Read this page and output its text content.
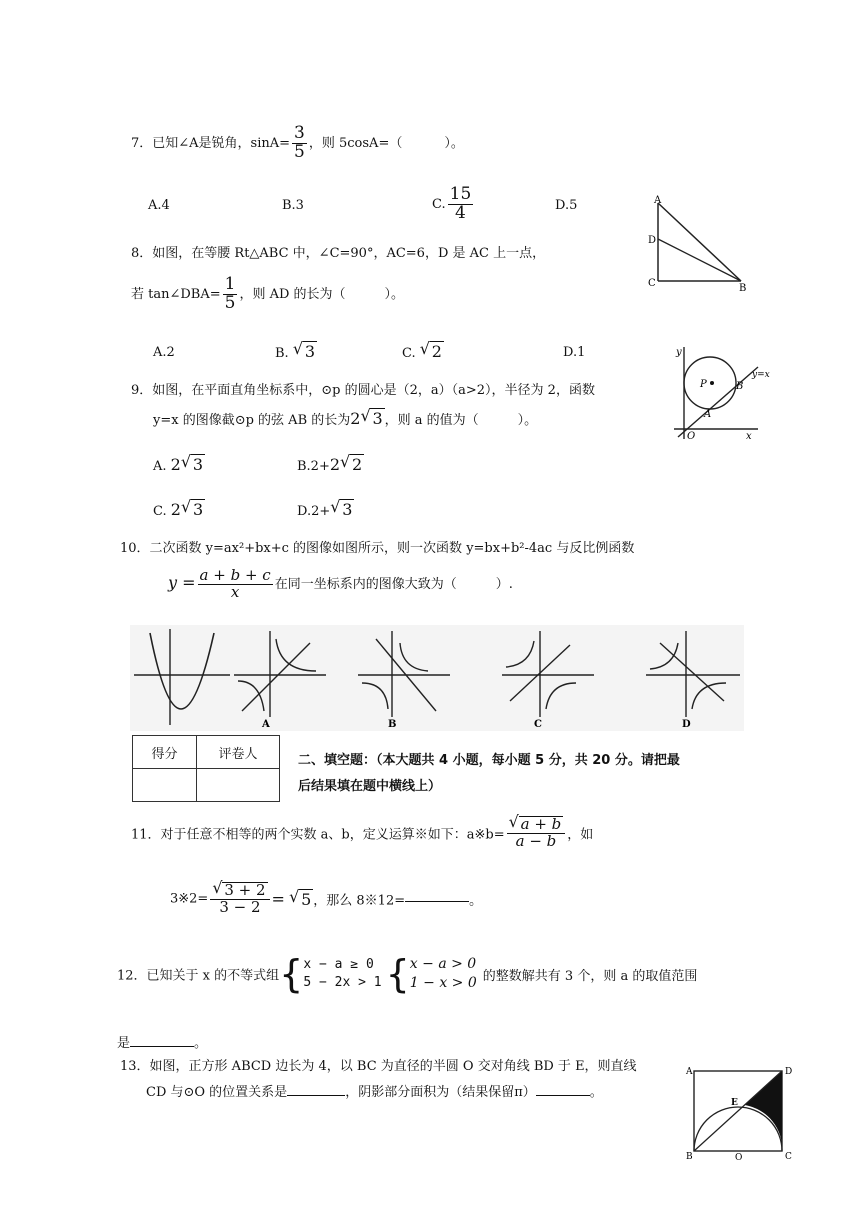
7．已知∠A是锐角，$\sin A= \frac{3}{5}$ ，则 5cosA=（	）。
A.4	B.3	C. $\frac{15}{4}$	D.5	A
D
C	B
8．如图，在等腰 Rt△ABC 中，∠C=90°，AC=6，D 是 AC 上一点，
若 tan∠DBA= $\frac{1}{5}$ ，则 AD 的长为（　　　）。
A.2	B. √ 3	C. √ 2	D.1	y
x
O
P
A
B
y=x
9．如图，在平面直角坐标系中，⊙p 的圆心是（2，a）（a>2），半径为 2，函数
y=x 的图像截⊙p 的弦 AB 的长为2 √ 3 ，则 a 的值为（　　　）。
A. 2 √ 3	B.2+2 √ 2
C. 2 √ 3	D.2+ √ 3
10．二次函数 y=ax²+bx+c 的图像如图所示，则一次函数 y=bx+b²-4ac 与反比例函数
$y = \frac{a + b + c}{x}$ 在同一坐标系内的图像大致为（　　　）.
A	B	C	D
得分	评卷人
		二、填空题：（本大题共 4 小题，每小题 5 分，共 20 分。请把最
后结果填在题中横线上）
11．对于任意不相等的两个实数 a、b，定义运算※如下：a※b= $\frac{√ a + b}{a - b}$ ，如
3※2= $\frac{√ 3 + 2}{3 - 2}$ = √ 5 ，那么 8※12=	。
12．已知关于 x 的不等式组{ x − a ≥ 0
5 − 2x > 1 { x − a > 0
1 − x > 0 的整数解共有 3 个，则 a 的取值范围
是	。
13．如图，正方形 ABCD 边长为 4，以 BC 为直径的半圆 O 交对角线 BD 于 E，则直线
CD 与⊙O 的位置关系是	，阴影部分面积为（结果保留π）	。
A	D
E
B	O	C
